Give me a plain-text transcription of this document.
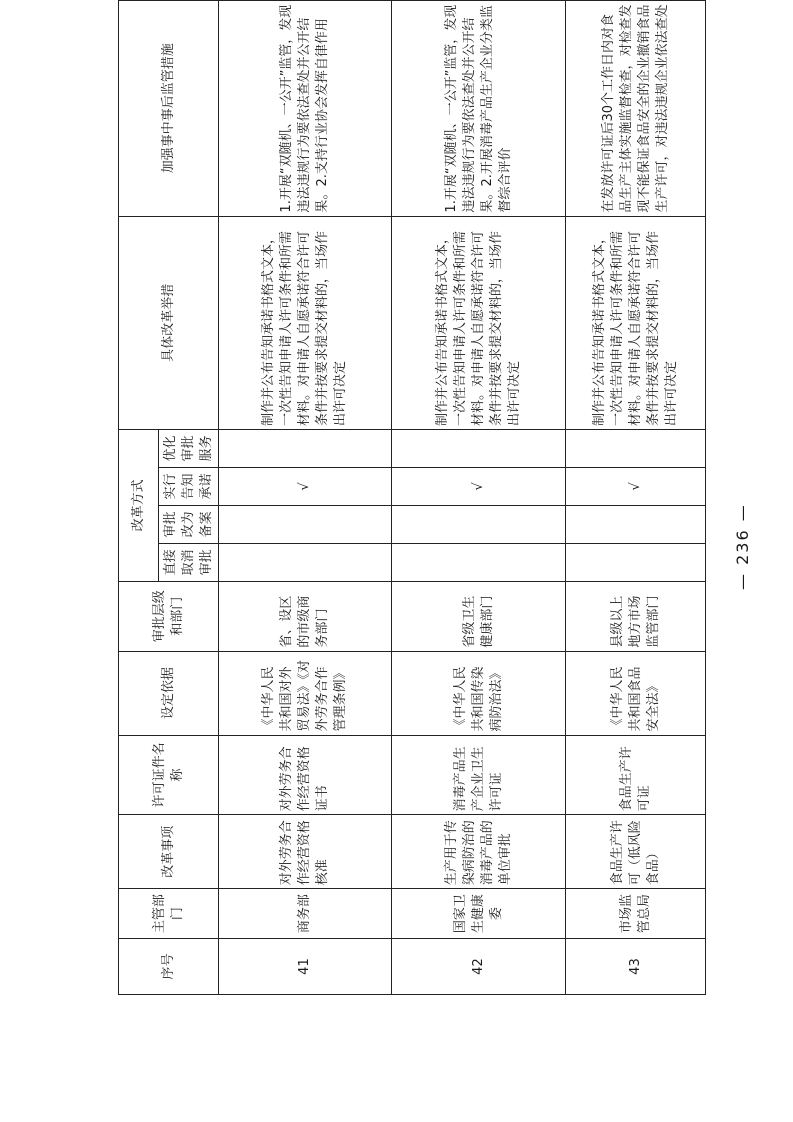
序号	主管部门	改革事项	许可证件名称	设定依据	审批层级和部门	改革方式				具体改革举措	加强事中事后监管措施
						直接取消审批	审批改为备案	实行告知承诺	优化审批服务		
41	商务部	对外劳务合作经营资格核准	对外劳务合作经营资格证书	《中华人民共和国对外贸易法》《对外劳务合作管理条例》	省、设区的市级商务部门			√		制作并公布告知承诺书格式文本，一次性告知申请人许可条件和所需材料。对申请人自愿承诺符合许可条件并按要求提交材料的，当场作出许可决定	1.开展“双随机、一公开”监管，发现违法违规行为要依法查处并公开结果。2.支持行业协会发挥自律作用
42	国家卫生健康委	生产用于传染病防治的消毒产品的单位审批	消毒产品生产企业卫生许可证	《中华人民共和国传染病防治法》	省级卫生健康部门			√		制作并公布告知承诺书格式文本，一次性告知申请人许可条件和所需材料。对申请人自愿承诺符合许可条件并按要求提交材料的，当场作出许可决定	1.开展“双随机、一公开”监管，发现违法违规行为要依法查处并公开结果。2.开展消毒产品生产企业分类监督综合评价
43	市场监管总局	食品生产许可（低风险食品）	食品生产许可证	《中华人民共和国食品安全法》	县级以上地方市场监管部门			√		制作并公布告知承诺书格式文本，一次性告知申请人许可条件和所需材料。对申请人自愿承诺符合许可条件并按要求提交材料的，当场作出许可决定	在发放许可证后30个工作日内对食品生产主体实施监督检查，对检查发现不能保证食品安全的企业撤销食品生产许可，对违法违规企业依法查处
— 236 —
